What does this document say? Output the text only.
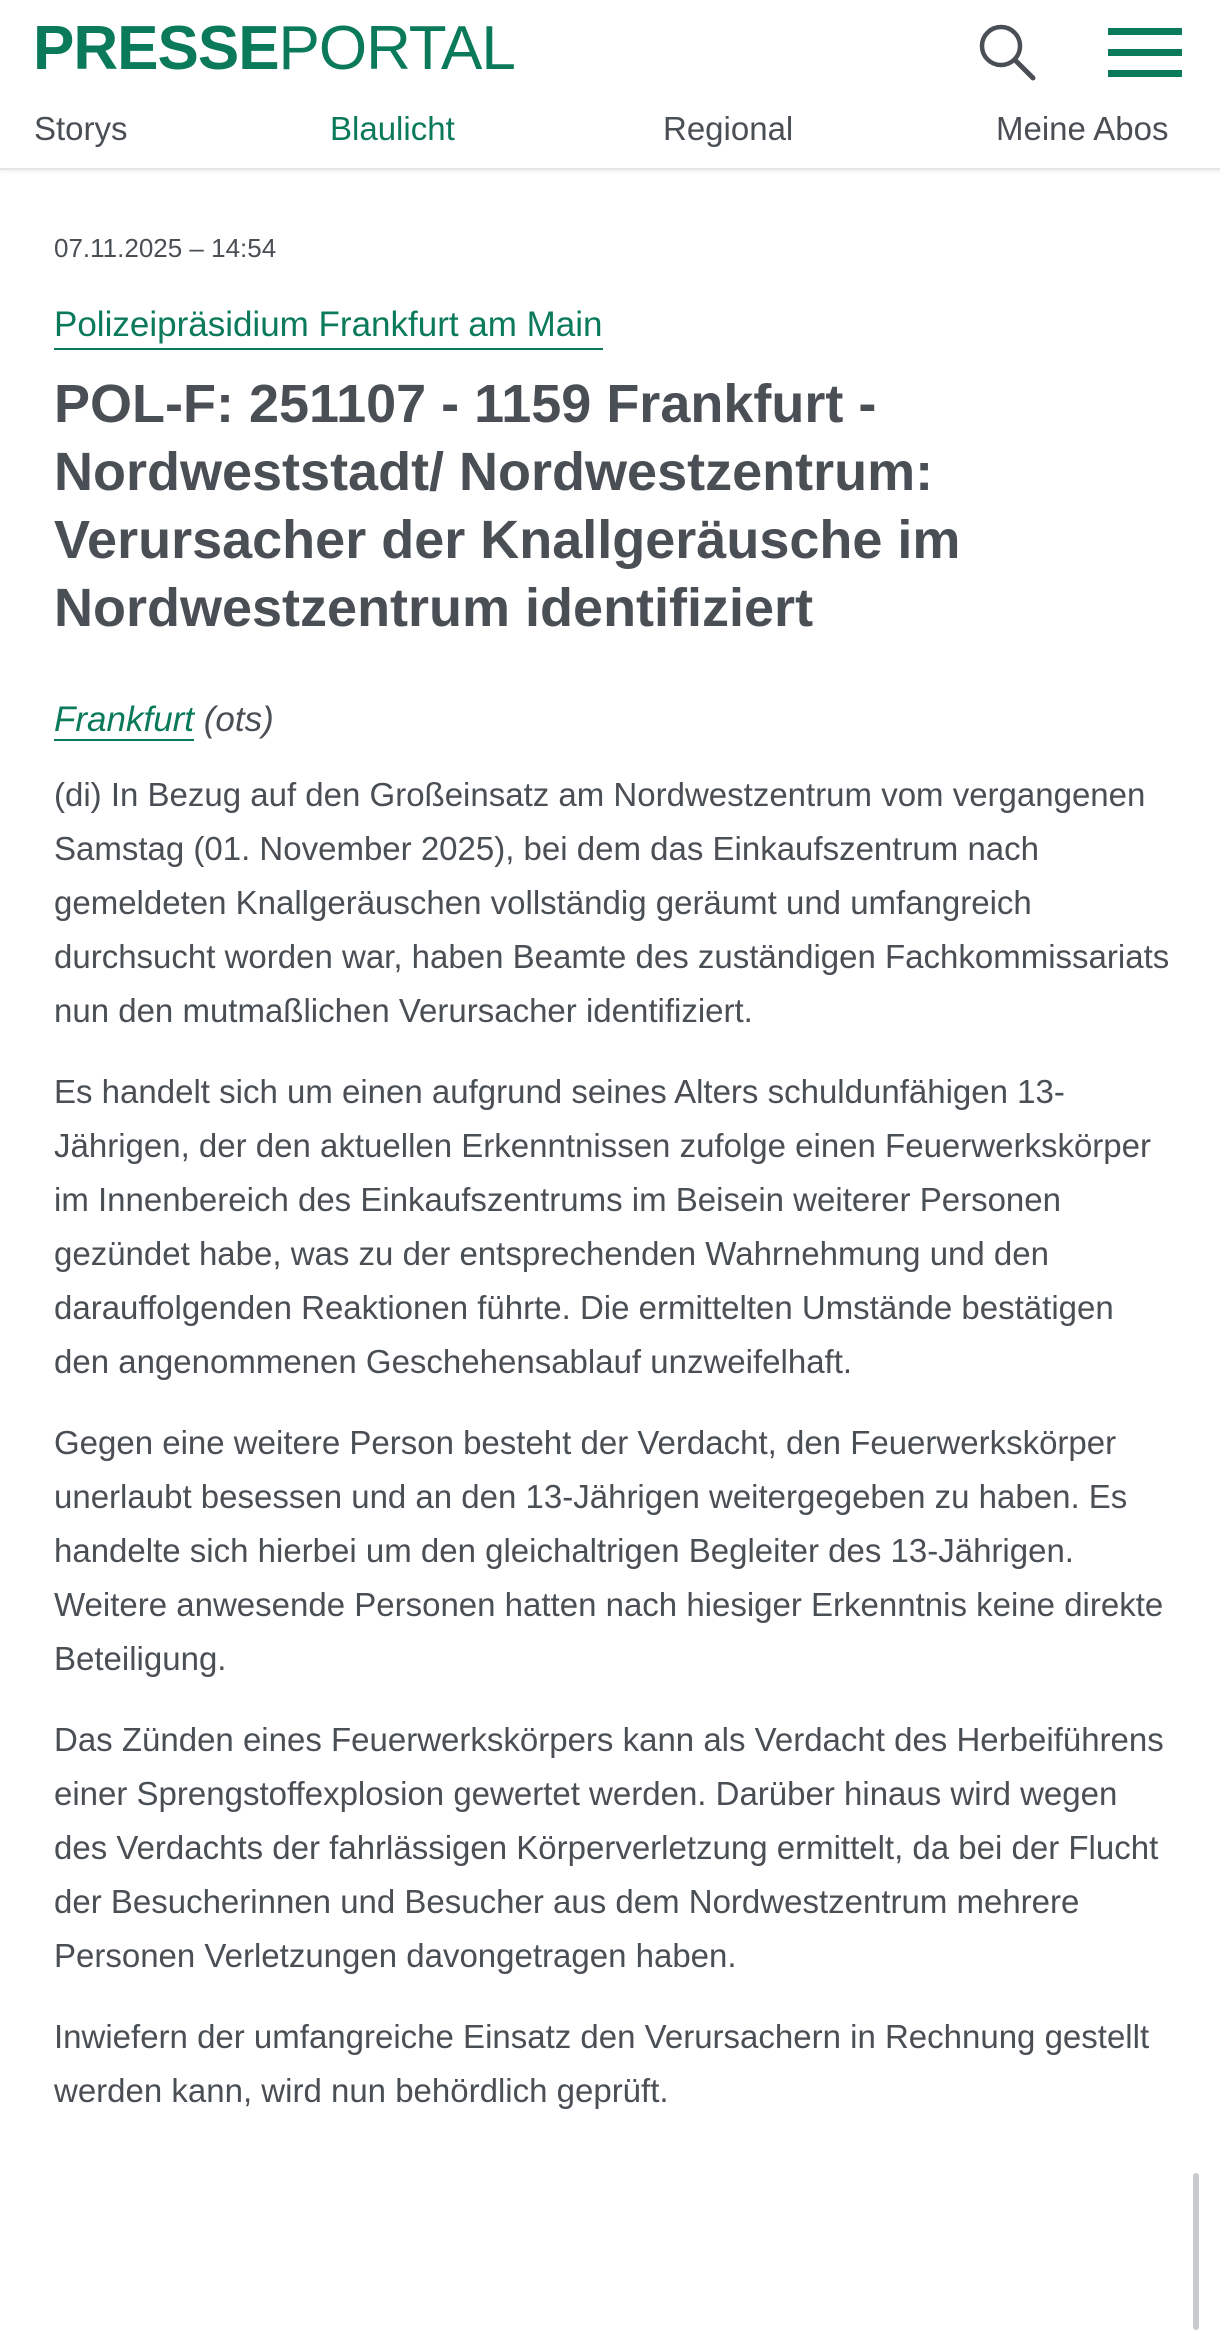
PRESSEPORTAL
Storys	Blaulicht	Regional	Meine Abos

07.11.2025 – 14:54

Polizeipräsidium Frankfurt am Main
POL-F: 251107 - 1159 Frankfurt - Nordweststadt/ Nordwestzentrum: Verursacher der Knallgeräusche im Nordwestzentrum identifiziert
Frankfurt (ots)

(di) In Bezug auf den Großeinsatz am Nordwestzentrum vom vergangenen Samstag (01. November 2025), bei dem das Einkaufszentrum nach gemeldeten Knallgeräuschen vollständig geräumt und umfangreich durchsucht worden war, haben Beamte des zuständigen Fachkommissariats nun den mutmaßlichen Verursacher identifiziert.

Es handelt sich um einen aufgrund seines Alters schuldunfähigen 13-Jährigen, der den aktuellen Erkenntnissen zufolge einen Feuerwerkskörper im Innenbereich des Einkaufszentrums im Beisein weiterer Personen gezündet habe, was zu der entsprechenden Wahrnehmung und den darauffolgenden Reaktionen führte. Die ermittelten Umstände bestätigen den angenommenen Geschehensablauf unzweifelhaft.

Gegen eine weitere Person besteht der Verdacht, den Feuerwerkskörper unerlaubt besessen und an den 13-Jährigen weitergegeben zu haben. Es handelte sich hierbei um den gleichaltrigen Begleiter des 13-Jährigen. Weitere anwesende Personen hatten nach hiesiger Erkenntnis keine direkte Beteiligung.

Das Zünden eines Feuerwerkskörpers kann als Verdacht des Herbeiführens einer Sprengstoffexplosion gewertet werden. Darüber hinaus wird wegen des Verdachts der fahrlässigen Körperverletzung ermittelt, da bei der Flucht der Besucherinnen und Besucher aus dem Nordwestzentrum mehrere Personen Verletzungen davongetragen haben.

Inwiefern der umfangreiche Einsatz den Verursachern in Rechnung gestellt werden kann, wird nun behördlich geprüft.
